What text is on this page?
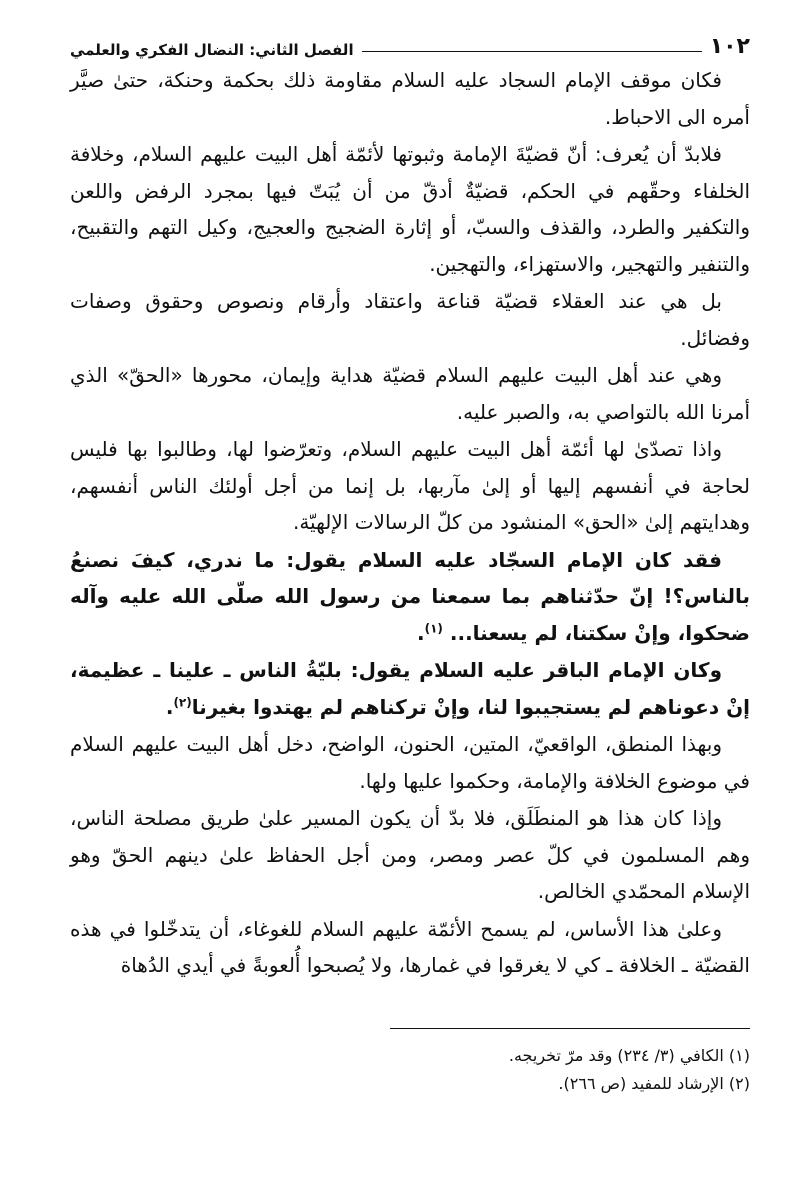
١٠٢
الفصل الثاني: النضال الفكري والعلمي

فكان موقف الإمام السجاد عليه السلام مقاومة ذلك بحكمة وحنكة، حتىٰ صيَّر أمره الى الاحباط.

فلابدّ أن يُعرف: أنّ قضيّةَ الإمامة وثبوتها لأئمّة أهل البيت عليهم السلام، وخلافة الخلفاء وحقّهم في الحكم، قضيّةٌ أدقّ من أن يُبَتّ فيها بمجرد الرفض واللعن والتكفير والطرد، والقذف والسبّ، أو إثارة الضجيج والعجيج، وكيل التهم والتقبيح، والتنفير والتهجير، والاستهزاء، والتهجين.

بل هي عند العقلاء قضيّة قناعة واعتقاد وأرقام ونصوص وحقوق وصفات وفضائل.

وهي عند أهل البيت عليهم السلام قضيّة هداية وإيمان، محورها «الحقّ» الذي أمرنا الله بالتواصي به، والصبر عليه.

واذا تصدّىٰ لها أئمّة أهل البيت عليهم السلام، وتعرّضوا لها، وطالبوا بها فليس لحاجة في أنفسهم إليها أو إلىٰ مآربها، بل إنما من أجل أولئك الناس أنفسهم، وهدايتهم إلىٰ «الحق» المنشود من كلّ الرسالات الإلهيّة.

فقد كان الإمام السجّاد عليه السلام يقول: ما ندري، كيفَ نصنعُ بالناس؟! إنّ حدّثناهم بما سمعنا من رسول الله صلّى الله عليه وآله ضحكوا، وإنْ سكتنا، لم يسعنا... $^{(١)}$.

وكان الإمام الباقر عليه السلام يقول: بليّةُ الناس ـ علينا ـ عظيمة، إنْ دعوناهم لم يستجيبوا لنا، وإنْ تركناهم لم يهتدوا بغيرنا$^{(٢)}$.

وبهذا المنطق، الواقعيّ، المتين، الحنون، الواضح، دخل أهل البيت عليهم السلام في موضوع الخلافة والإمامة، وحكموا عليها ولها.

وإذا كان هذا هو المنطَلَق، فلا بدّ أن يكون المسير علىٰ طريق مصلحة الناس، وهم المسلمون في كلّ عصر ومصر، ومن أجل الحفاظ علىٰ دينهم الحقّ وهو الإسلام المحمّدي الخالص.

وعلىٰ هذا الأساس، لم يسمح الأئمّة عليهم السلام للغوغاء، أن يتدخّلوا في هذه القضيّة ـ الخلافة ـ كي لا يغرقوا في غمارها، ولا يُصبحوا أُلعوبةً في أيدي الدُهاة

(١) الكافي (٣/ ٢٣٤) وقد مرّ تخريجه.

(٢) الإرشاد للمفيد (ص ٢٦٦).
